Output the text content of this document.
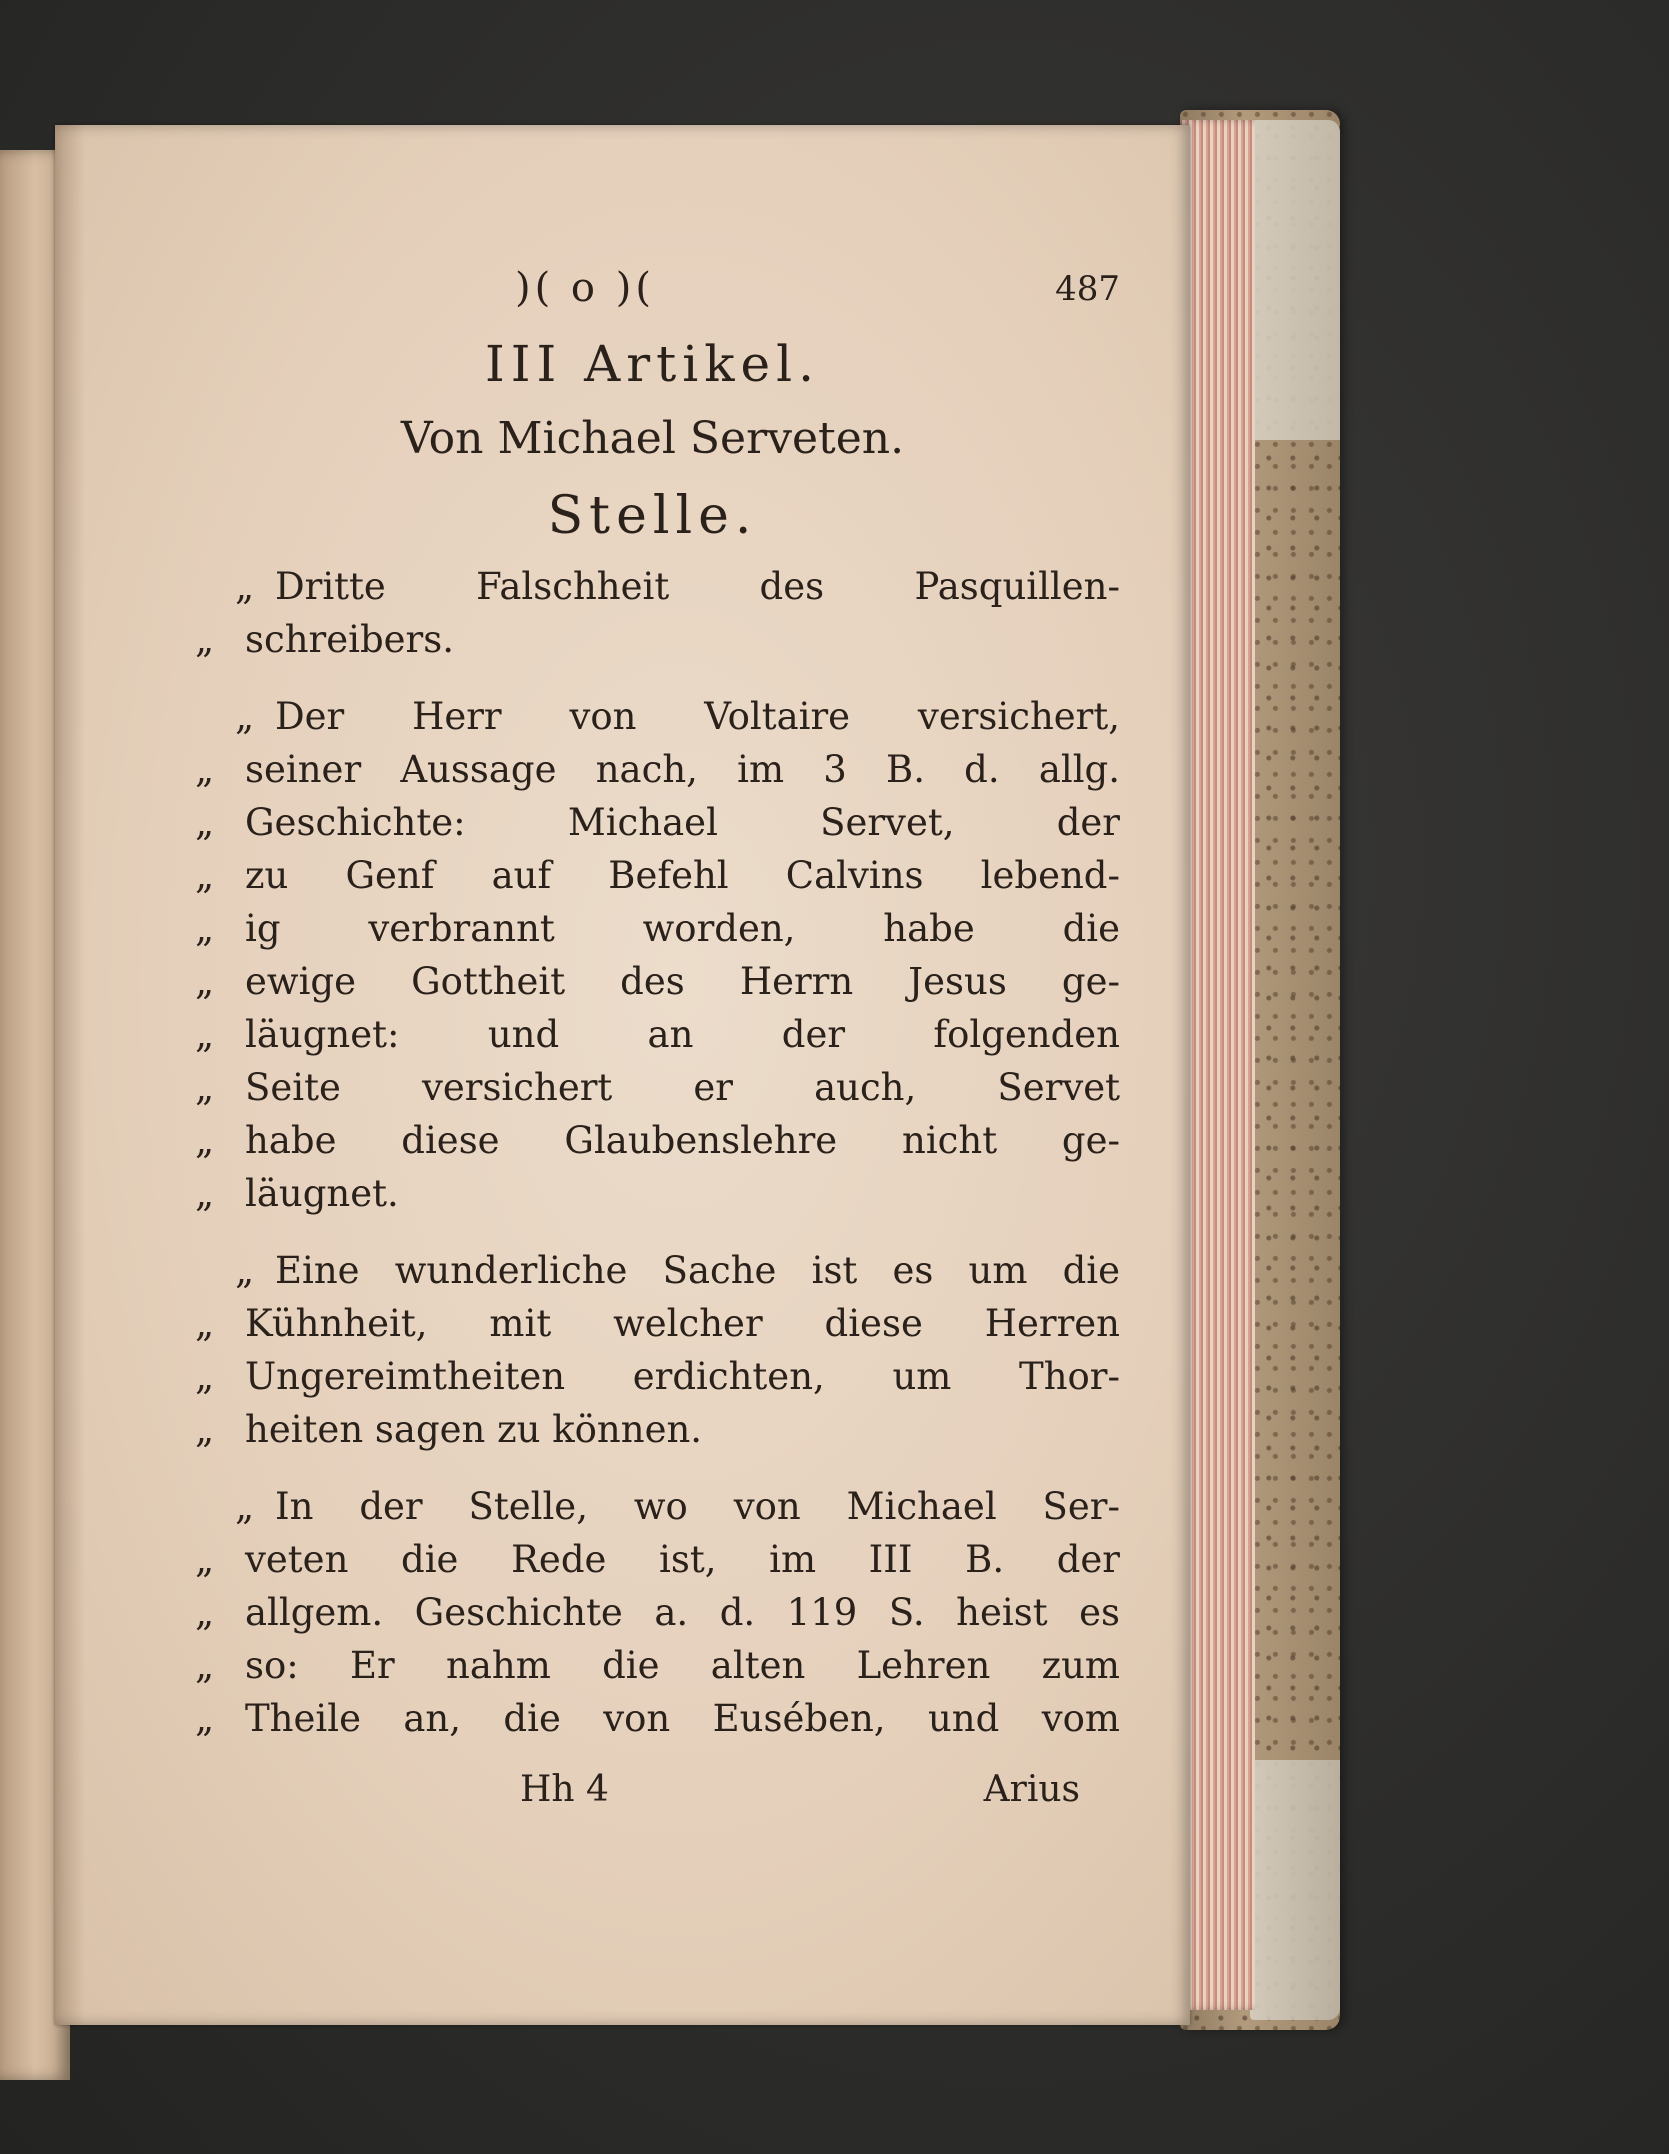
)( o )(	487
III Artikel.
Von Michael Serveten.
Stelle.
„ Dritte Falschheit des Pasquillen-
„ schreibers.
„ Der Herr von Voltaire versichert,
„ seiner Aussage nach, im 3 B. d. allg.
„ Geschichte: Michael Servet, der
„ zu Genf auf Befehl Calvins lebend-
„ ig verbrannt worden, habe die
„ ewige Gottheit des Herrn Jesus ge-
„ läugnet: und an der folgenden
„ Seite versichert er auch, Servet
„ habe diese Glaubenslehre nicht ge-
„ läugnet.
„ Eine wunderliche Sache ist es um die
„ Kühnheit, mit welcher diese Herren
„ Ungereimtheiten erdichten, um Thor-
„ heiten sagen zu können.
„ In der Stelle, wo von Michael Ser-
„ veten die Rede ist, im III B. der
„ allgem. Geschichte a. d. 119 S. heist es
„ so: Er nahm die alten Lehren zum
„ Theile an, die von Eusében, und vom
Hh 4	Arius
